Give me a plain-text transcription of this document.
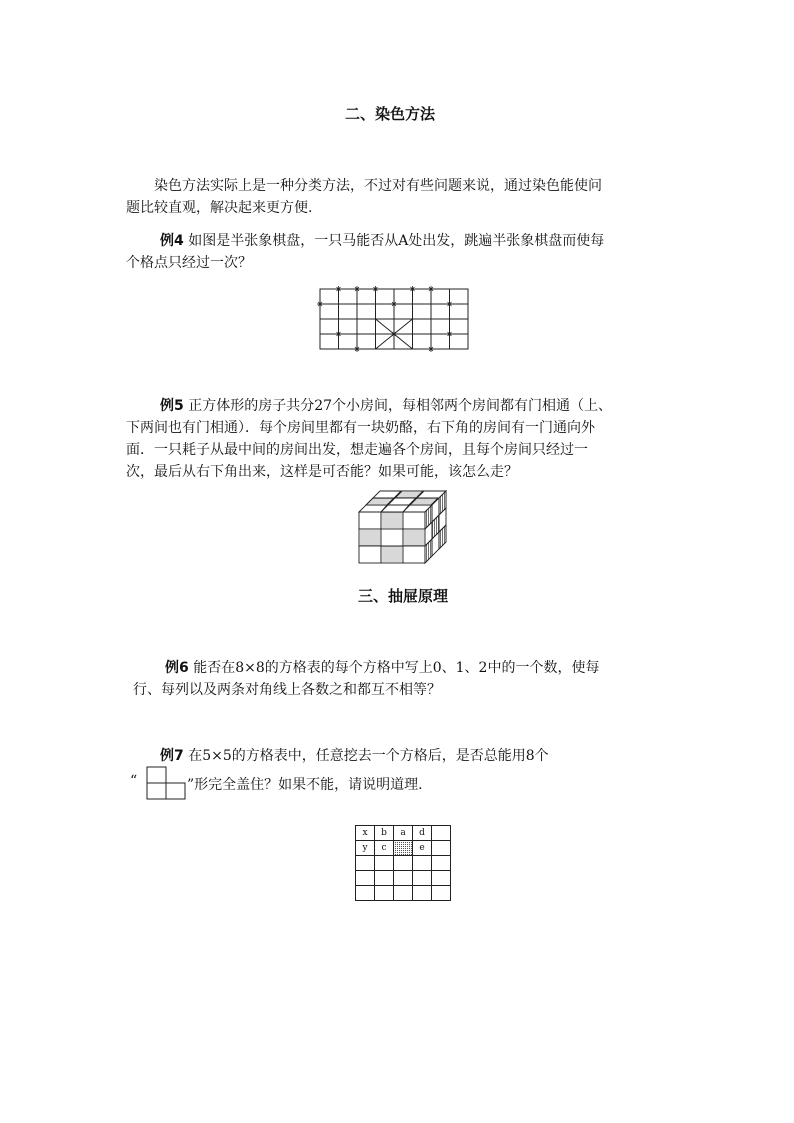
二、染色方法
染色方法实际上是一种分类方法，不过对有些问题来说，通过染色能使问
题比较直观，解决起来更方便.
例4 如图是半张象棋盘，一只马能否从A处出发，跳遍半张象棋盘而使每
个格点只经过一次？
例5 正方体形的房子共分27个小房间，每相邻两个房间都有门相通（上、
下两间也有门相通）．每个房间里都有一块奶酪，右下角的房间有一门通向外
面．一只耗子从最中间的房间出发，想走遍各个房间，且每个房间只经过一
次，最后从右下角出来，这样是可否能？如果可能，该怎么走？
三、抽屉原理
例6 能否在8×8的方格表的每个方格中写上0、1、2中的一个数，使每
行、每列以及两条对角线上各数之和都互不相等？
例7 在5×5的方格表中，任意挖去一个方格后，是否总能用8个
“	”形完全盖住？如果不能，请说明道理.
x	b	a	d	
y	c		e	
